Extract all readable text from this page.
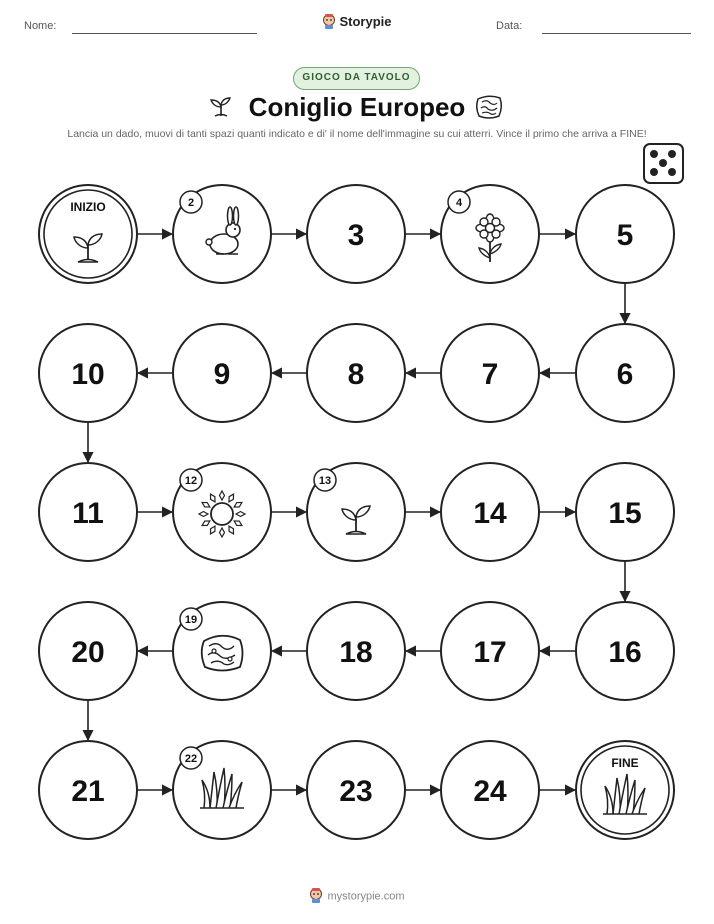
Nome:	Storypie	Data:
GIOCO DA TAVOLO
Coniglio Europeo
Lancia un dado, muovi di tanti spazi quanti indicato e di' il nome dell'immagine su cui atterri. Vince il primo che arriva a FINE!
INIZIO	2
3
4
5
6
7
8
9
10
11
12	13
14	15
16
17
18
19
20
21
22
23	24
FINE
mystorypie.com
